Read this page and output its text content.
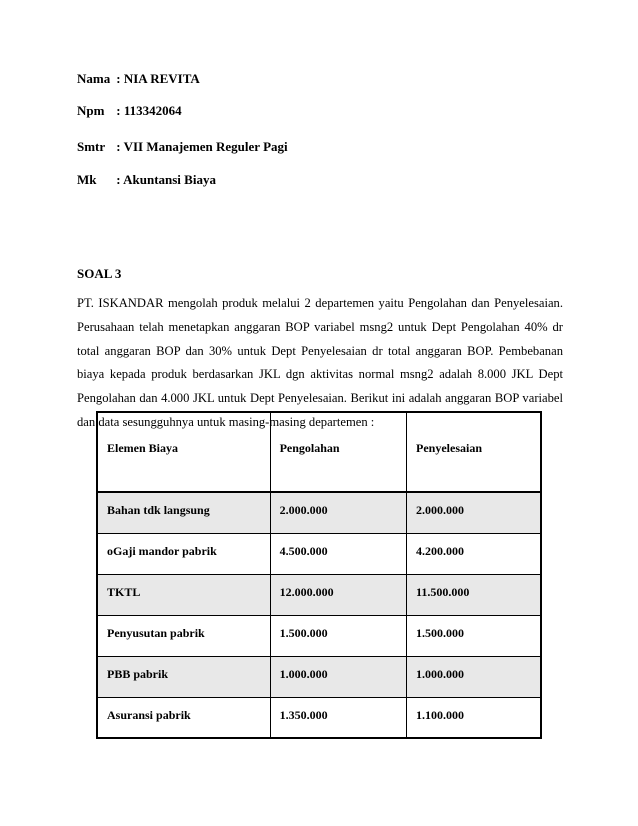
Nama : NIA REVITA
Npm : 113342064
Smtr : VII Manajemen Reguler Pagi
Mk : Akuntansi Biaya
SOAL 3

PT. ISKANDAR mengolah produk melalui 2 departemen yaitu Pengolahan dan Penyelesaian. Perusahaan telah menetapkan anggaran BOP variabel msng2 untuk Dept Pengolahan 40% dr total anggaran BOP dan 30% untuk Dept Penyelesaian dr total anggaran BOP. Pembebanan biaya kepada produk berdasarkan JKL dgn aktivitas normal msng2 adalah 8.000 JKL Dept Pengolahan dan 4.000 JKL untuk Dept Penyelesaian. Berikut ini adalah anggaran BOP variabel dan data sesungguhnya untuk masing-masing departemen :

Elemen Biaya	Pengolahan	Penyelesaian
Bahan tdk langsung	2.000.000	2.000.000
oGaji mandor pabrik	4.500.000	4.200.000
TKTL	12.000.000	11.500.000
Penyusutan pabrik	1.500.000	1.500.000
PBB pabrik	1.000.000	1.000.000
Asuransi pabrik	1.350.000	1.100.000
